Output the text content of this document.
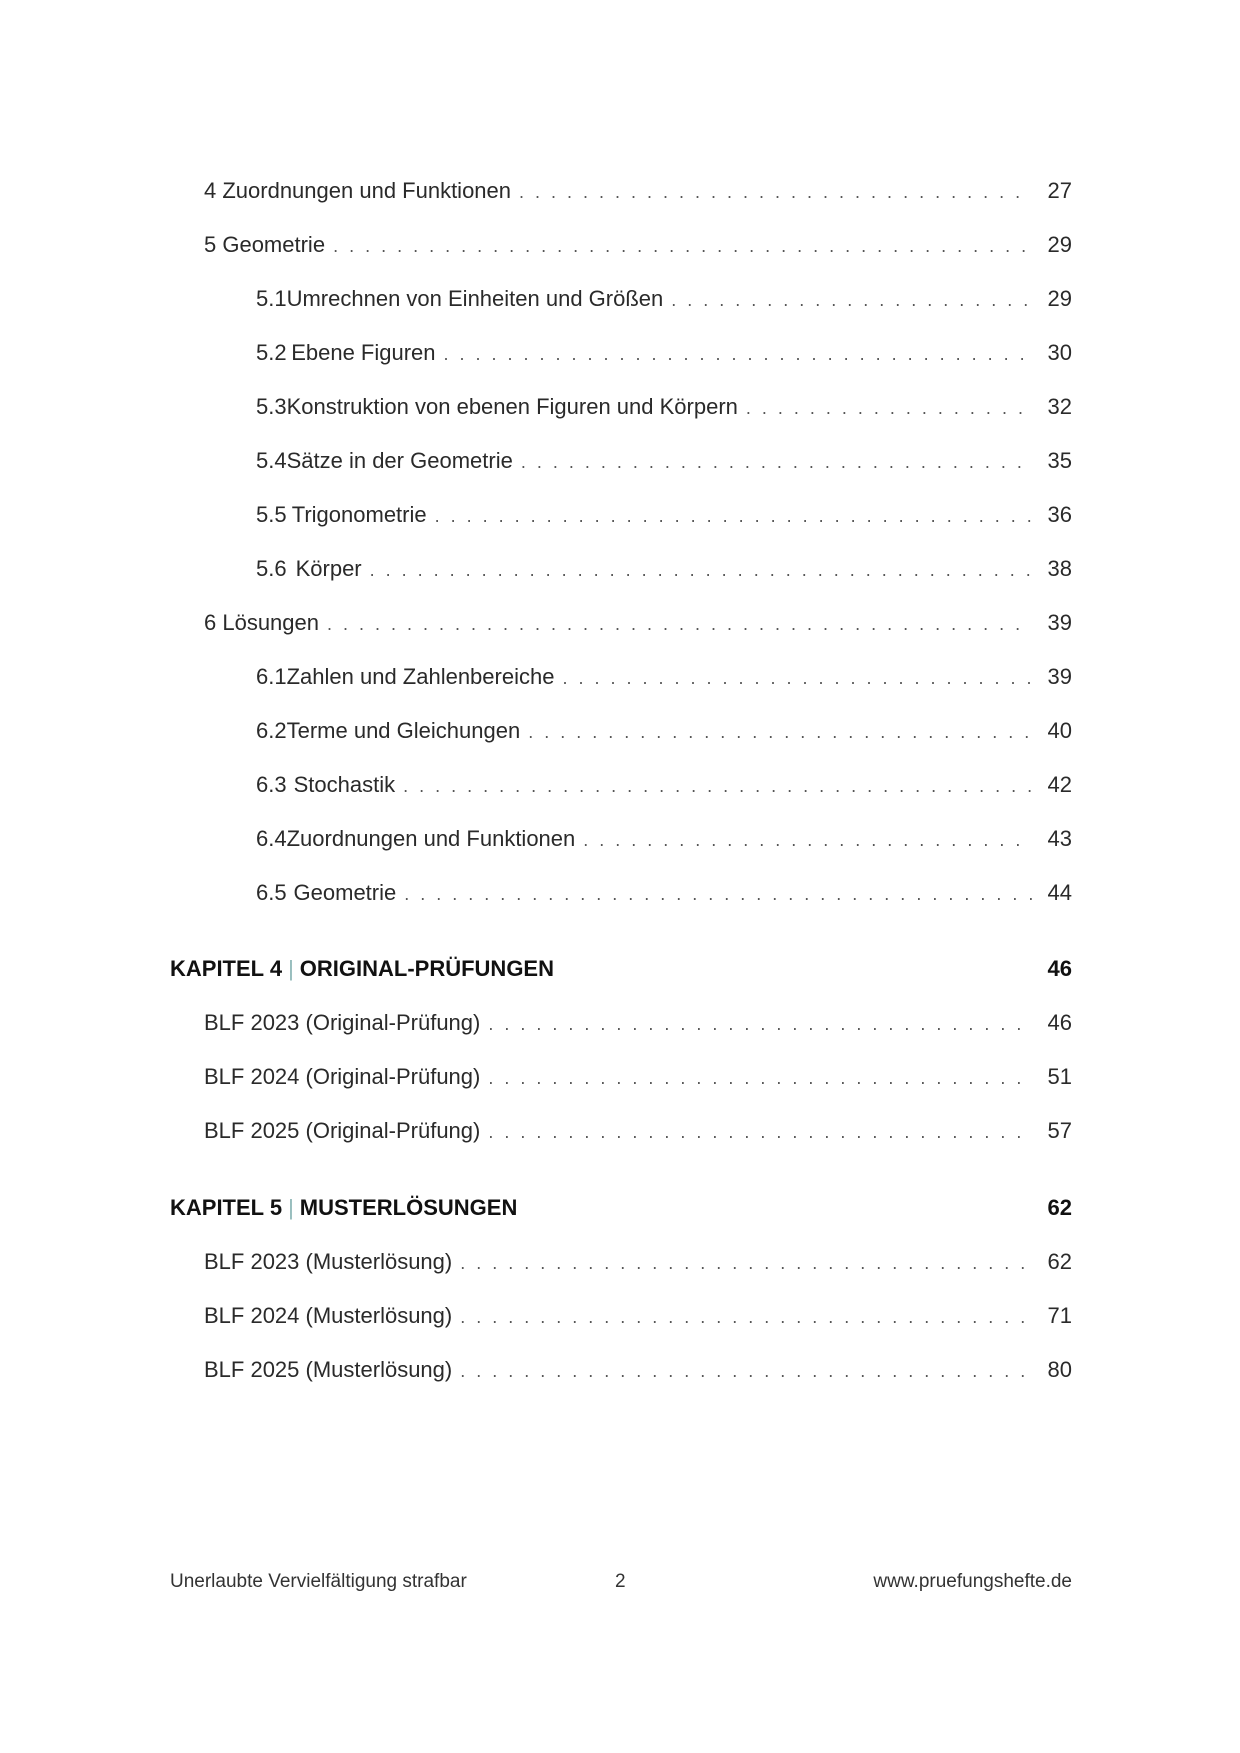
4 Zuordnungen und Funktionen . . .	27
5 Geometrie . . .	29
5.1 Umrechnen von Einheiten und Größen . . .	29
5.2 Ebene Figuren . . .	30
5.3 Konstruktion von ebenen Figuren und Körpern . . .	32
5.4 Sätze in der Geometrie . . .	35
5.5 Trigonometrie . . .	36
5.6 Körper . . .	38
6 Lösungen . . .	39
6.1 Zahlen und Zahlenbereiche . . .	39
6.2 Terme und Gleichungen . . .	40
6.3 Stochastik . . .	42
6.4 Zuordnungen und Funktionen . . .	43
6.5 Geometrie . . .	44
KAPITEL 4 | ORIGINAL-PRÜFUNGEN	46
BLF 2023 (Original-Prüfung) . . .	46
BLF 2024 (Original-Prüfung) . . .	51
BLF 2025 (Original-Prüfung) . . .	57
KAPITEL 5 | MUSTERLÖSUNGEN	62
BLF 2023 (Musterlösung) . . .	62
BLF 2024 (Musterlösung) . . .	71
BLF 2025 (Musterlösung) . . .	80
Unerlaubte Vervielfältigung strafbar	2	www.pruefungshefte.de
